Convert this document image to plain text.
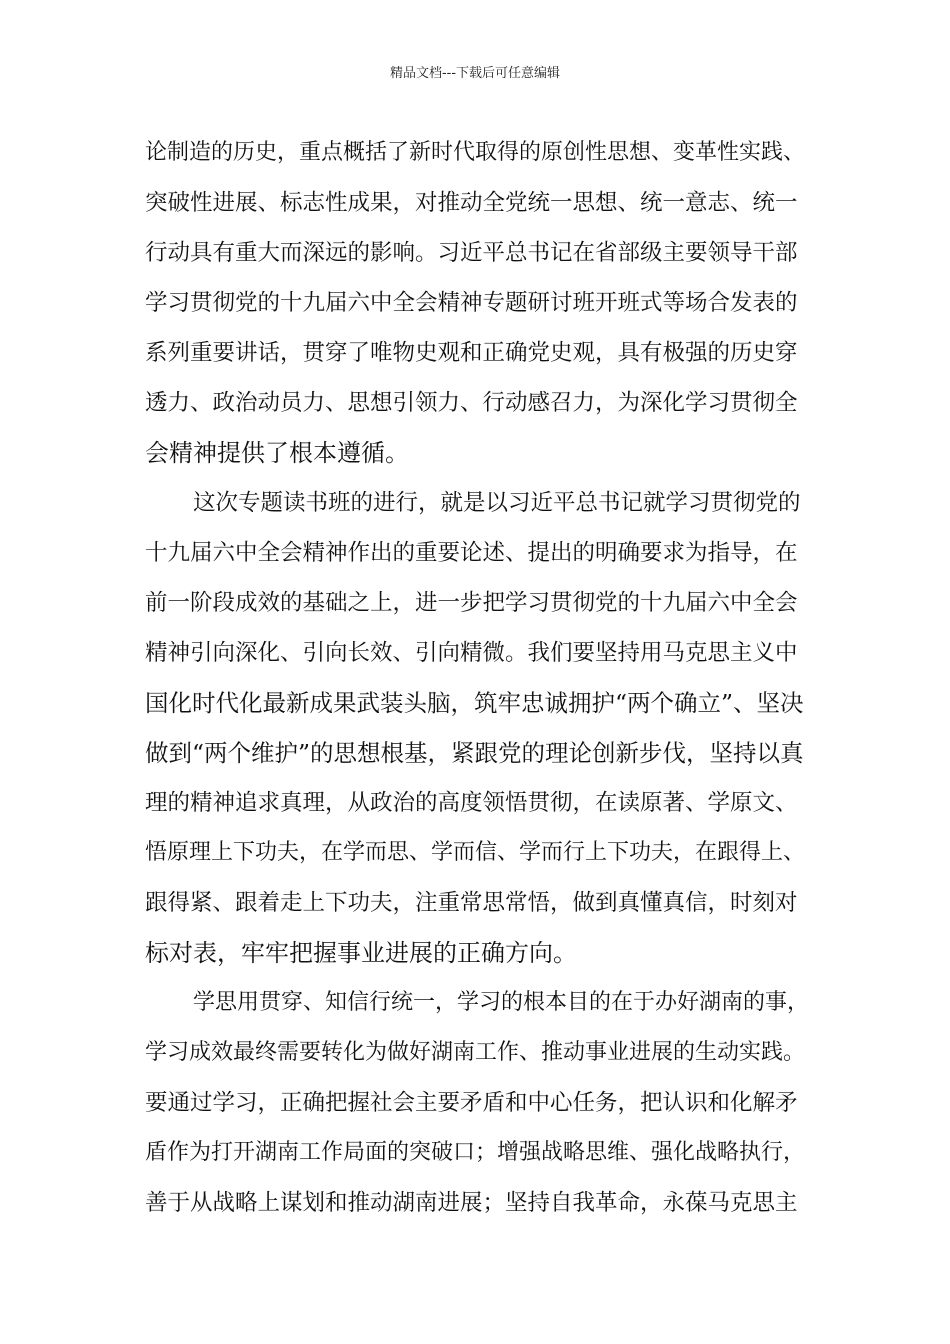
精品文档---下载后可任意编辑
论制造的历史，重点概括了新时代取得的原创性思想、变革性实践、
突破性进展、标志性成果，对推动全党统一思想、统一意志、统一
行动具有重大而深远的影响。习近平总书记在省部级主要领导干部
学习贯彻党的十九届六中全会精神专题研讨班开班式等场合发表的
系列重要讲话，贯穿了唯物史观和正确党史观，具有极强的历史穿
透力、政治动员力、思想引领力、行动感召力，为深化学习贯彻全
会精神提供了根本遵循。
这次专题读书班的进行，就是以习近平总书记就学习贯彻党的
十九届六中全会精神作出的重要论述、提出的明确要求为指导，在
前一阶段成效的基础之上，进一步把学习贯彻党的十九届六中全会
精神引向深化、引向长效、引向精微。我们要坚持用马克思主义中
国化时代化最新成果武装头脑，筑牢忠诚拥护“两个确立”、坚决
做到“两个维护”的思想根基，紧跟党的理论创新步伐，坚持以真
理的精神追求真理，从政治的高度领悟贯彻，在读原著、学原文、
悟原理上下功夫，在学而思、学而信、学而行上下功夫，在跟得上、
跟得紧、跟着走上下功夫，注重常思常悟，做到真懂真信，时刻对
标对表，牢牢把握事业进展的正确方向。
学思用贯穿、知信行统一，学习的根本目的在于办好湖南的事，
学习成效最终需要转化为做好湖南工作、推动事业进展的生动实践。
要通过学习，正确把握社会主要矛盾和中心任务，把认识和化解矛
盾作为打开湖南工作局面的突破口；增强战略思维、强化战略执行，
善于从战略上谋划和推动湖南进展；坚持自我革命，永葆马克思主
